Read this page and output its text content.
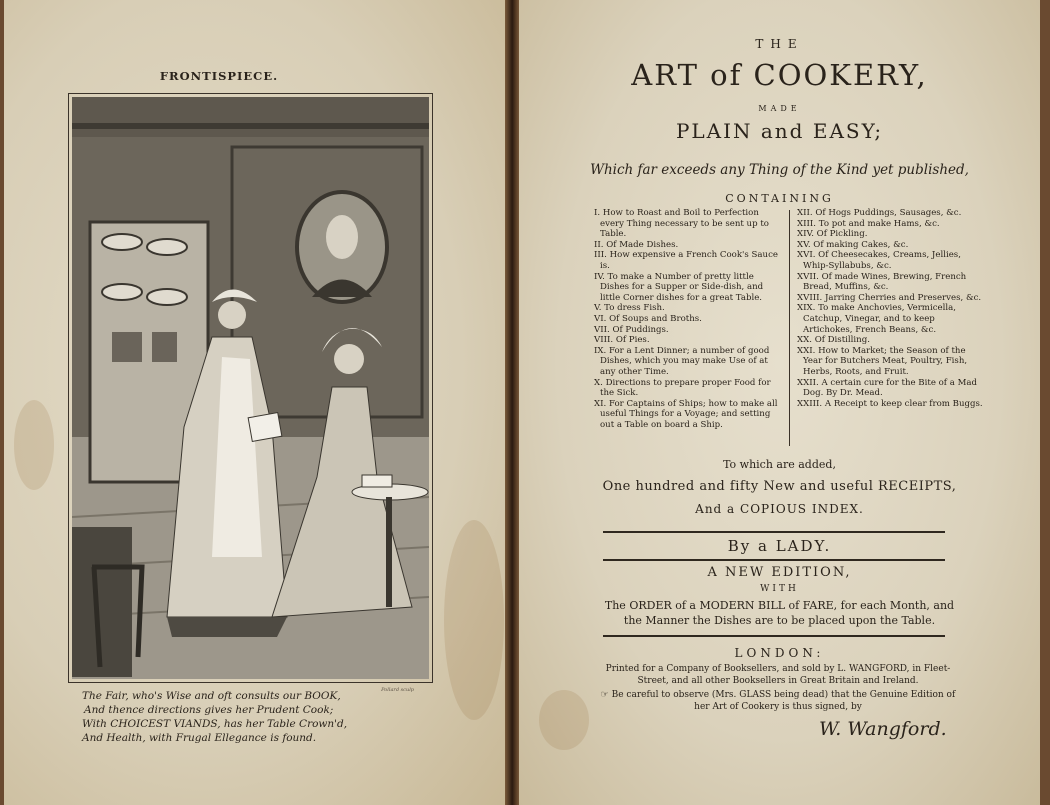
FRONTISPIECE.
Pollard sculp
The Fair, who's Wise and oft consults our BOOK,
And thence directions gives her Prudent Cook;
With CHOICEST VIANDS, has her Table Crown'd,
And Health, with Frugal Ellegance is found.
THE
ART of COOKERY,
MADE
PLAIN and EASY;
Which far exceeds any Thing of the Kind yet published,
CONTAINING
I. How to Roast and Boil to Perfection every Thing necessary to be sent up to Table.
II. Of Made Dishes.
III. How expensive a French Cook's Sauce is.
IV. To make a Number of pretty little Dishes for a Supper or Side-dish, and little Corner dishes for a great Table.
V. To dress Fish.
VI. Of Soups and Broths.
VII. Of Puddings.
VIII. Of Pies.
IX. For a Lent Dinner; a number of good Dishes, which you may make Use of at any other Time.
X. Directions to prepare proper Food for the Sick.
XI. For Captains of Ships; how to make all useful Things for a Voyage; and setting out a Table on board a Ship.
XII. Of Hogs Puddings, Sausages, &c.
XIII. To pot and make Hams, &c.
XIV. Of Pickling.
XV. Of making Cakes, &c.
XVI. Of Cheesecakes, Creams, Jellies, Whip-Syllabubs, &c.
XVII. Of made Wines, Brewing, French Bread, Muffins, &c.
XVIII. Jarring Cherries and Preserves, &c.
XIX. To make Anchovies, Vermicella, Catchup, Vinegar, and to keep Artichokes, French Beans, &c.
XX. Of Distilling.
XXI. How to Market; the Season of the Year for Butchers Meat, Poultry, Fish, Herbs, Roots, and Fruit.
XXII. A certain cure for the Bite of a Mad Dog. By Dr. Mead.
XXIII. A Receipt to keep clear from Buggs.
To which are added,
One hundred and fifty New and useful RECEIPTS,
And a COPIOUS INDEX.
By a LADY.
A NEW EDITION,
WITH
The ORDER of a MODERN BILL of FARE, for each Month, and
the Manner the Dishes are to be placed upon the Table.
LONDON:
Printed for a Company of Booksellers, and sold by L. WANGFORD, in Fleet-Street, and all other Booksellers in Great Britain and Ireland.
☞ Be careful to observe (Mrs. GLASS being dead) that the Genuine Edition of her Art of Cookery is thus signed, by
W. Wangford.
